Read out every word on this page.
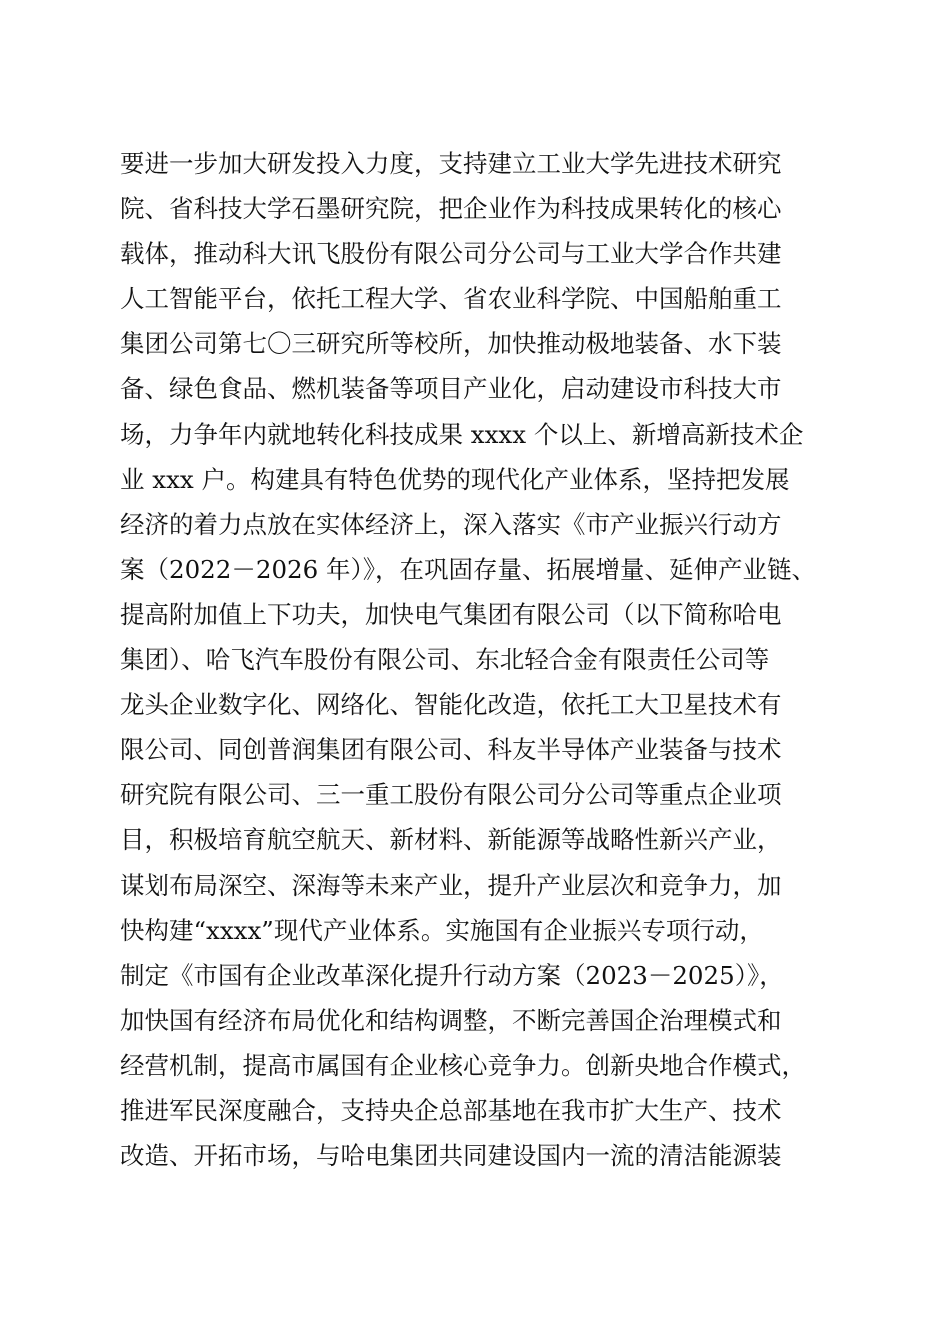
要进一步加大研发投入力度，支持建立工业大学先进技术研究
院、省科技大学石墨研究院，把企业作为科技成果转化的核心
载体，推动科大讯飞股份有限公司分公司与工业大学合作共建
人工智能平台，依托工程大学、省农业科学院、中国船舶重工
集团公司第七〇三研究所等校所，加快推动极地装备、水下装
备、绿色食品、燃机装备等项目产业化，启动建设市科技大市
场，力争年内就地转化科技成果 xxxx 个以上、新增高新技术企
业 xxx 户。构建具有特色优势的现代化产业体系，坚持把发展
经济的着力点放在实体经济上，深入落实《市产业振兴行动方
案（2022－2026 年）》，在巩固存量、拓展增量、延伸产业链、
提高附加值上下功夫，加快电气集团有限公司（以下简称哈电
集团）、哈飞汽车股份有限公司、东北轻合金有限责任公司等
龙头企业数字化、网络化、智能化改造，依托工大卫星技术有
限公司、同创普润集团有限公司、科友半导体产业装备与技术
研究院有限公司、三一重工股份有限公司分公司等重点企业项
目，积极培育航空航天、新材料、新能源等战略性新兴产业，
谋划布局深空、深海等未来产业，提升产业层次和竞争力，加
快构建“xxxx”现代产业体系。实施国有企业振兴专项行动，
制定《市国有企业改革深化提升行动方案（2023－2025）》，
加快国有经济布局优化和结构调整，不断完善国企治理模式和
经营机制，提高市属国有企业核心竞争力。创新央地合作模式，
推进军民深度融合，支持央企总部基地在我市扩大生产、技术
改造、开拓市场，与哈电集团共同建设国内一流的清洁能源装
